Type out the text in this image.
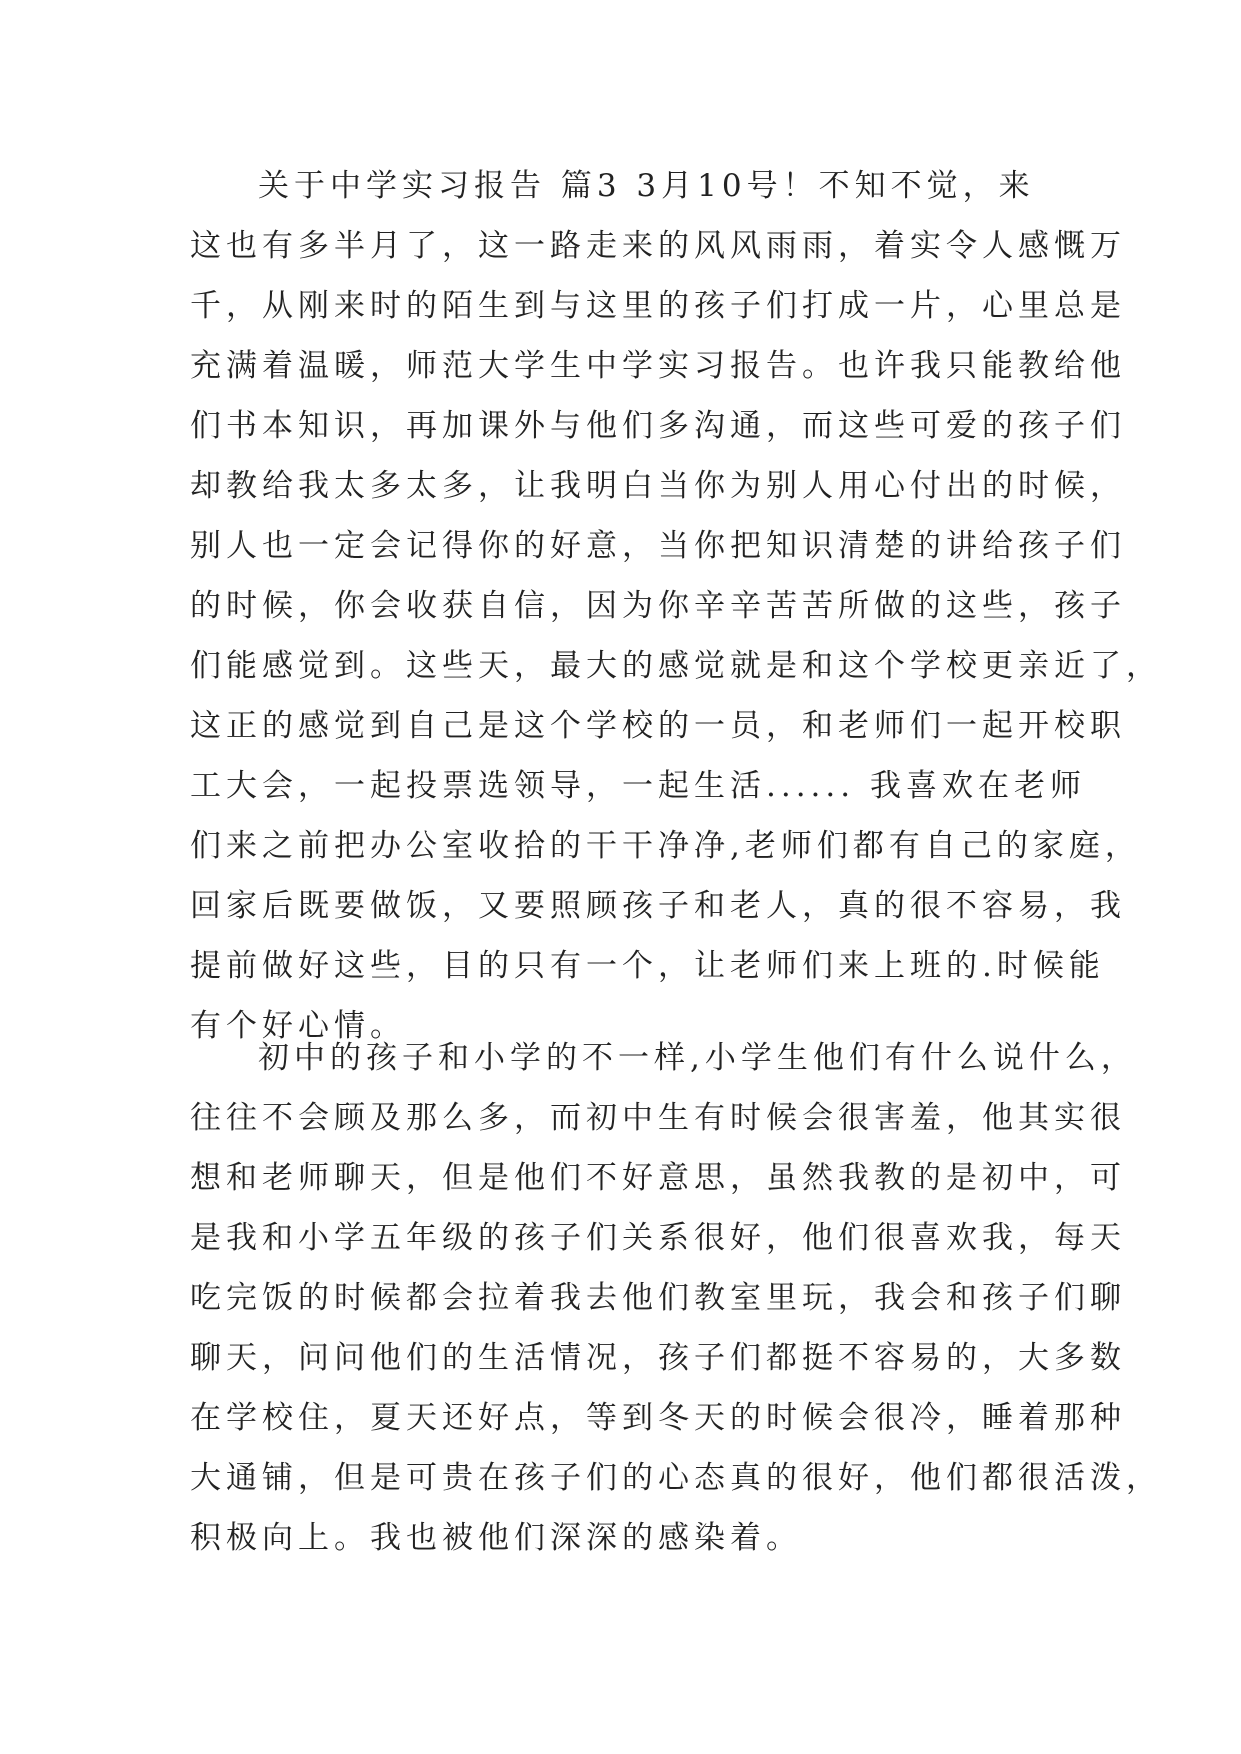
关于中学实习报告 篇3 3月10号！不知不觉，来
这也有多半月了，这一路走来的风风雨雨，着实令人感慨万
千，从刚来时的陌生到与这里的孩子们打成一片，心里总是
充满着温暖，师范大学生中学实习报告。也许我只能教给他
们书本知识，再加课外与他们多沟通，而这些可爱的孩子们
却教给我太多太多，让我明白当你为别人用心付出的时候，
别人也一定会记得你的好意，当你把知识清楚的讲给孩子们
的时候，你会收获自信，因为你辛辛苦苦所做的这些，孩子
们能感觉到。这些天，最大的感觉就是和这个学校更亲近了，
这正的感觉到自己是这个学校的一员，和老师们一起开校职
工大会，一起投票选领导，一起生活...... 我喜欢在老师
们来之前把办公室收拾的干干净净,老师们都有自己的家庭，
回家后既要做饭，又要照顾孩子和老人，真的很不容易，我
提前做好这些，目的只有一个，让老师们来上班的.时候能
有个好心情。
初中的孩子和小学的不一样,小学生他们有什么说什么，
往往不会顾及那么多，而初中生有时候会很害羞，他其实很
想和老师聊天，但是他们不好意思，虽然我教的是初中，可
是我和小学五年级的孩子们关系很好，他们很喜欢我，每天
吃完饭的时候都会拉着我去他们教室里玩，我会和孩子们聊
聊天，问问他们的生活情况，孩子们都挺不容易的，大多数
在学校住，夏天还好点，等到冬天的时候会很冷，睡着那种
大通铺，但是可贵在孩子们的心态真的很好，他们都很活泼，
积极向上。我也被他们深深的感染着。
